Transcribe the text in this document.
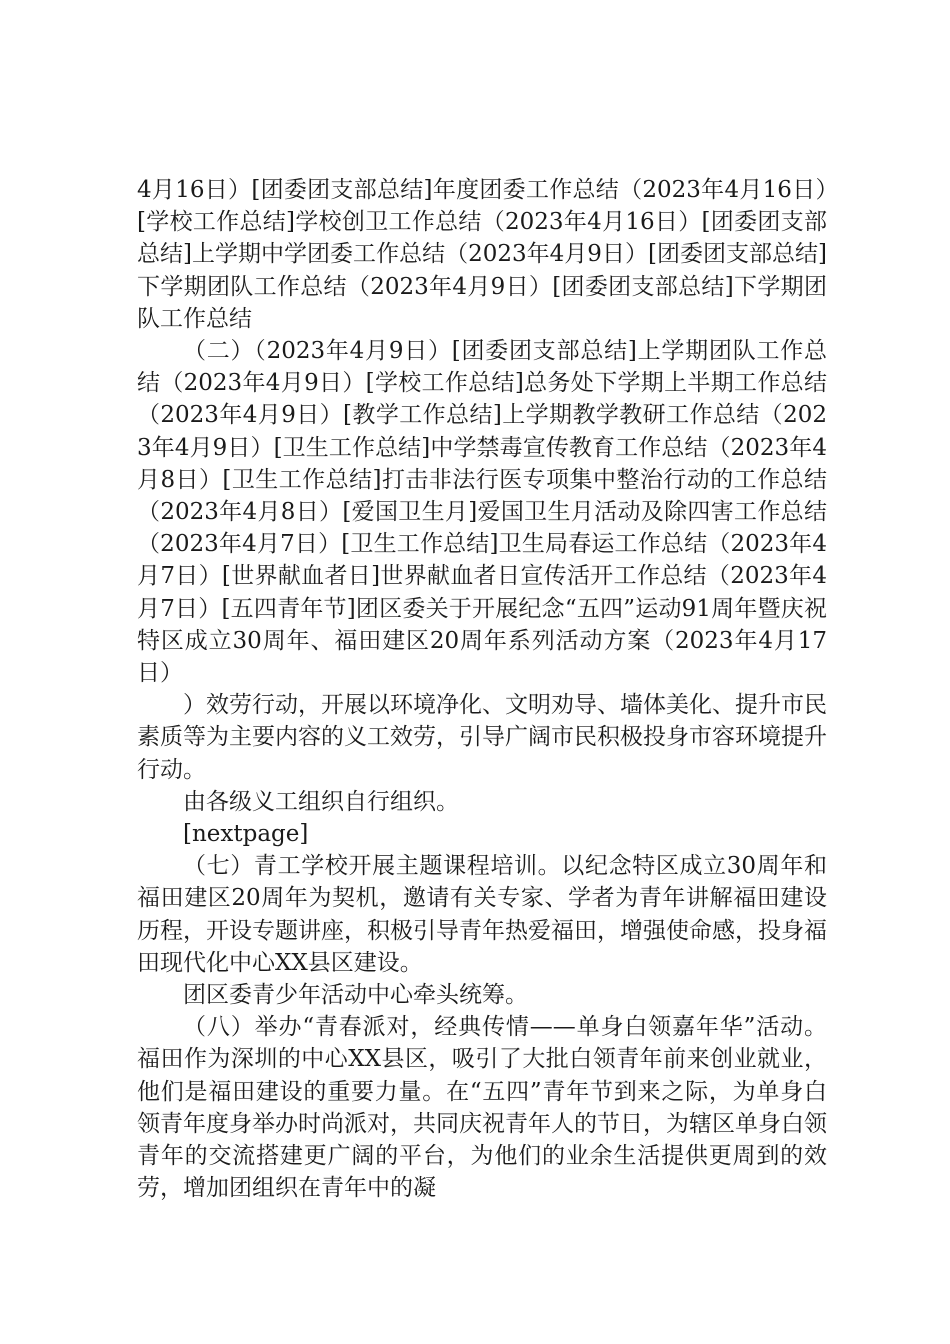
4月16日）[团委团支部总结]年度团委工作总结（2023年4月16日）[学校工作总结]学校创卫工作总结（2023年4月16日）[团委团支部总结]上学期中学团委工作总结（2023年4月9日）[团委团支部总结]下学期团队工作总结（2023年4月9日）[团委团支部总结]下学期团队工作总结

（二）（2023年4月9日）[团委团支部总结]上学期团队工作总结（2023年4月9日）[学校工作总结]总务处下学期上半期工作总结（2023年4月9日）[教学工作总结]上学期教学教研工作总结（2023年4月9日）[卫生工作总结]中学禁毒宣传教育工作总结（2023年4月8日）[卫生工作总结]打击非法行医专项集中整治行动的工作总结（2023年4月8日）[爱国卫生月]爱国卫生月活动及除四害工作总结（2023年4月7日）[卫生工作总结]卫生局春运工作总结（2023年4月7日）[世界献血者日]世界献血者日宣传活开工作总结（2023年4月7日）[五四青年节]团区委关于开展纪念“五四”运动91周年暨庆祝特区成立30周年、福田建区20周年系列活动方案（2023年4月17日）

）效劳行动，开展以环境净化、文明劝导、墙体美化、提升市民素质等为主要内容的义工效劳，引导广阔市民积极投身市容环境提升行动。

由各级义工组织自行组织。

[nextpage]

（七）青工学校开展主题课程培训。以纪念特区成立30周年和福田建区20周年为契机，邀请有关专家、学者为青年讲解福田建设历程，开设专题讲座，积极引导青年热爱福田，增强使命感，投身福田现代化中心XX县区建设。

团区委青少年活动中心牵头统筹。

（八）举办“青春派对，经典传情——单身白领嘉年华”活动。福田作为深圳的中心XX县区，吸引了大批白领青年前来创业就业，他们是福田建设的重要力量。在“五四”青年节到来之际，为单身白领青年度身举办时尚派对，共同庆祝青年人的节日，为辖区单身白领青年的交流搭建更广阔的平台，为他们的业余生活提供更周到的效劳，增加团组织在青年中的凝
